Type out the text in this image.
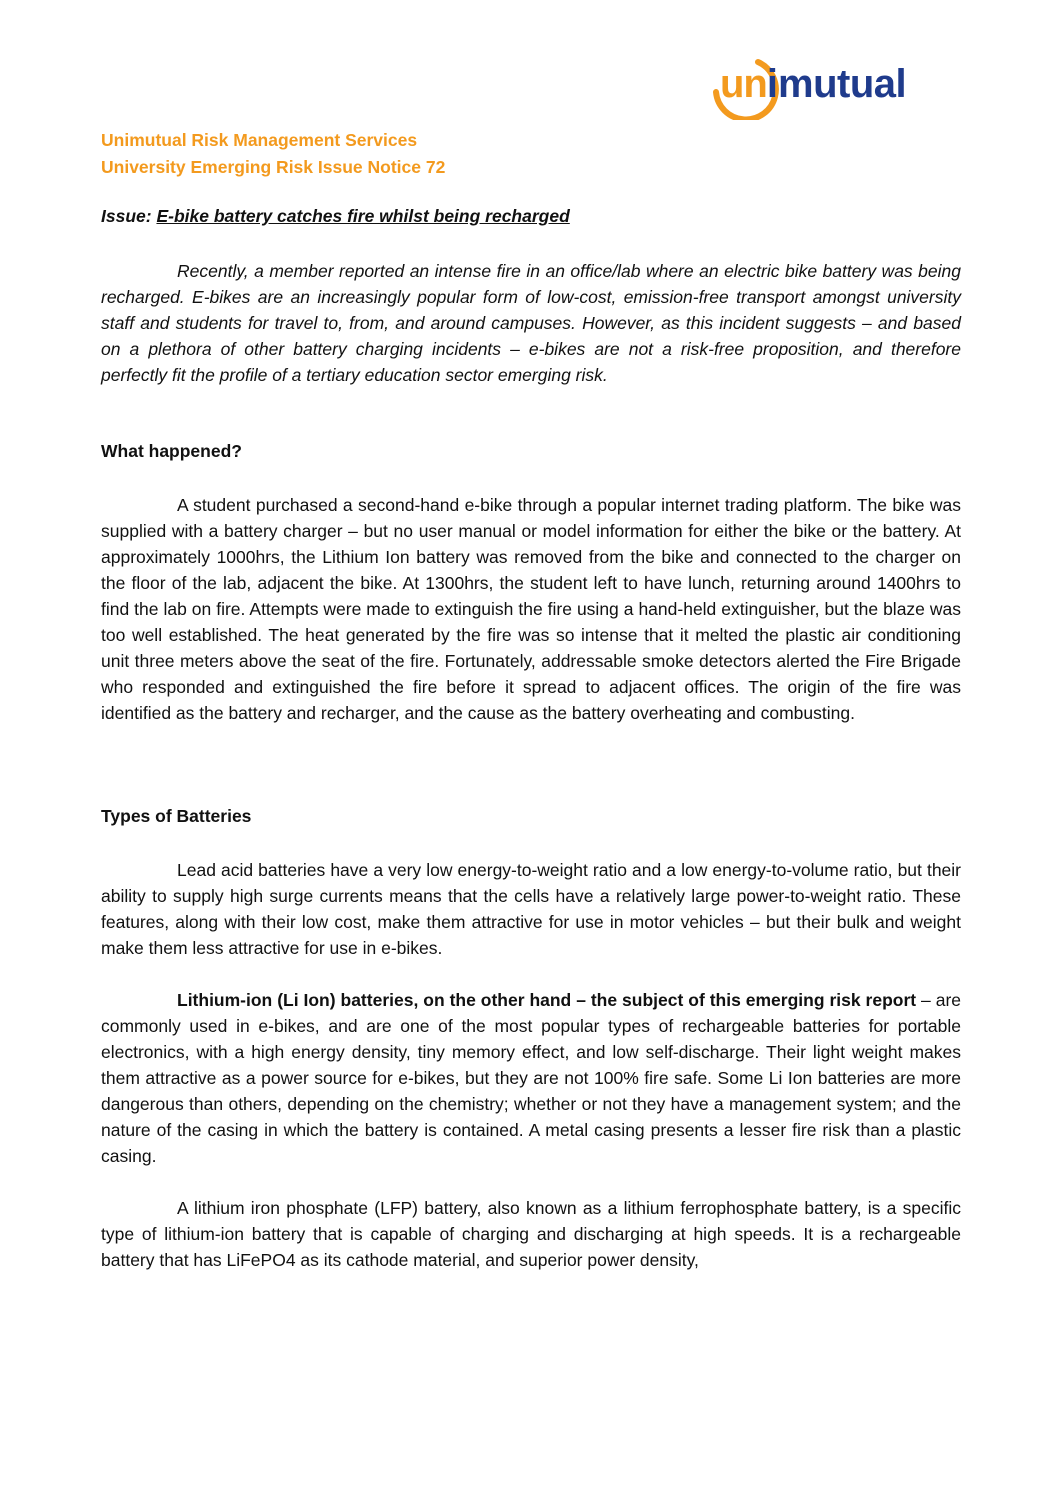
un i mutual
Unimutual Risk Management Services
University Emerging Risk Issue Notice 72
Issue: E-bike battery catches fire whilst being recharged

Recently, a member reported an intense fire in an office/lab where an electric bike battery was being recharged. E-bikes are an increasingly popular form of low-cost, emission-free transport amongst university staff and students for travel to, from, and around campuses. However, as this incident suggests – and based on a plethora of other battery charging incidents – e-bikes are not a risk-free proposition, and therefore perfectly fit the profile of a tertiary education sector emerging risk.

What happened?

A student purchased a second-hand e-bike through a popular internet trading platform. The bike was supplied with a battery charger – but no user manual or model information for either the bike or the battery. At approximately 1000hrs, the Lithium Ion battery was removed from the bike and connected to the charger on the floor of the lab, adjacent the bike. At 1300hrs, the student left to have lunch, returning around 1400hrs to find the lab on fire. Attempts were made to extinguish the fire using a hand-held extinguisher, but the blaze was too well established. The heat generated by the fire was so intense that it melted the plastic air conditioning unit three meters above the seat of the fire. Fortunately, addressable smoke detectors alerted the Fire Brigade who responded and extinguished the fire before it spread to adjacent offices. The origin of the fire was identified as the battery and recharger, and the cause as the battery overheating and combusting.

Types of Batteries

Lead acid batteries have a very low energy-to-weight ratio and a low energy-to-volume ratio, but their ability to supply high surge currents means that the cells have a relatively large power-to-weight ratio. These features, along with their low cost, make them attractive for use in motor vehicles – but their bulk and weight make them less attractive for use in e-bikes.

Lithium-ion (Li Ion) batteries, on the other hand – the subject of this emerging risk report – are commonly used in e-bikes, and are one of the most popular types of rechargeable batteries for portable electronics, with a high energy density, tiny memory effect, and low self-discharge. Their light weight makes them attractive as a power source for e-bikes, but they are not 100% fire safe. Some Li Ion batteries are more dangerous than others, depending on the chemistry; whether or not they have a management system; and the nature of the casing in which the battery is contained. A metal casing presents a lesser fire risk than a plastic casing.

A lithium iron phosphate (LFP) battery, also known as a lithium ferrophosphate battery, is a specific type of lithium-ion battery that is capable of charging and discharging at high speeds. It is a rechargeable battery that has LiFePO4 as its cathode material, and superior power density,
